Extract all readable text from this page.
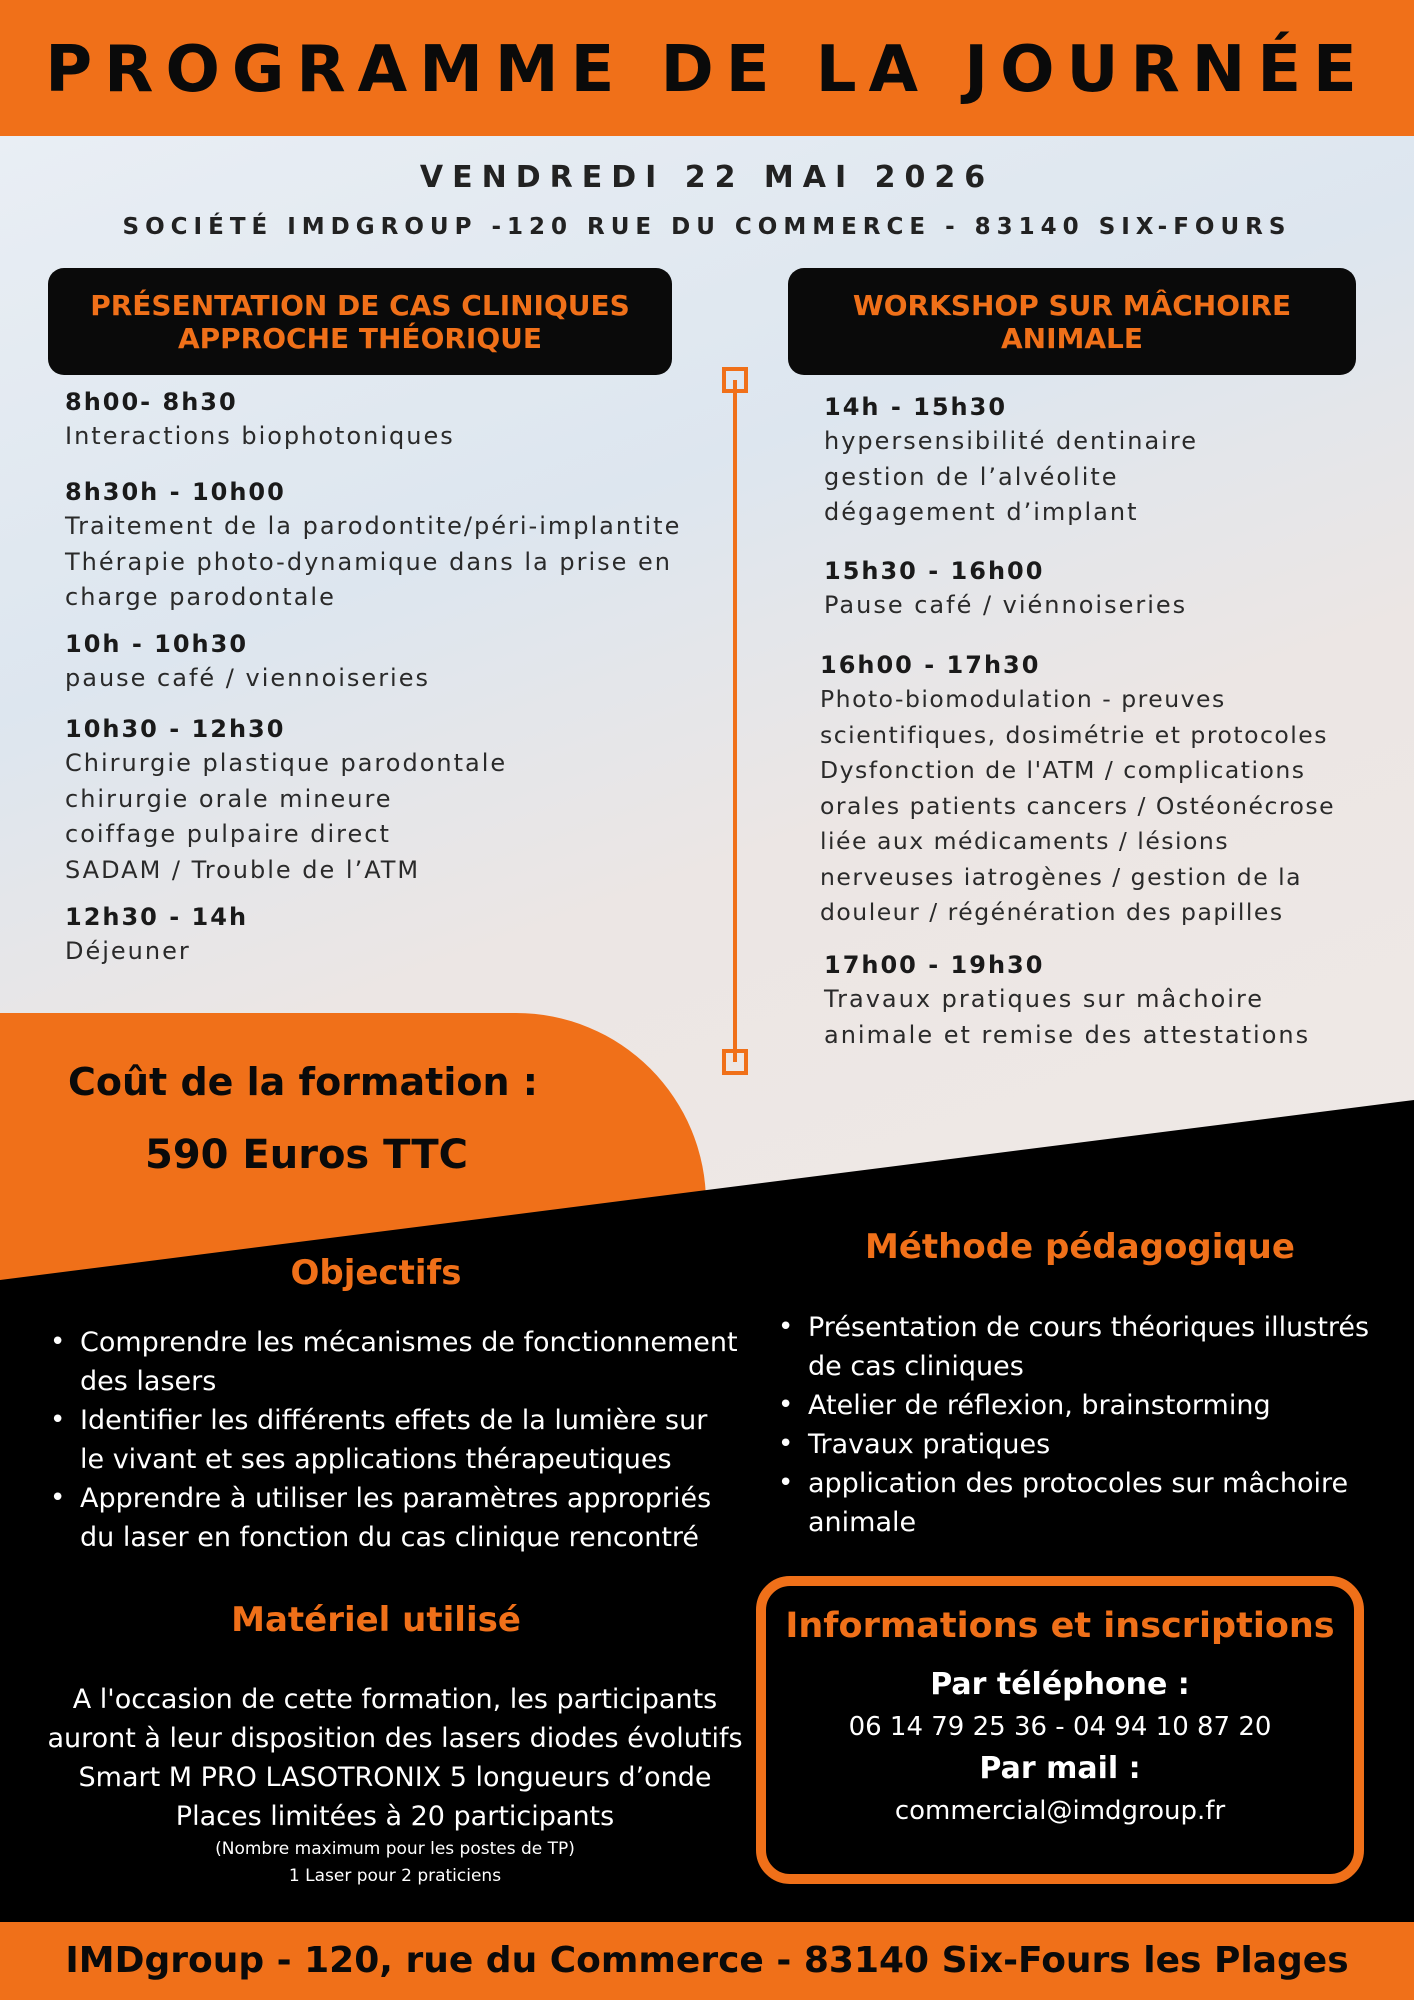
PROGRAMME DE LA JOURNÉE
VENDREDI 22 MAI 2026
SOCIÉTÉ IMDGROUP -120 RUE DU COMMERCE - 83140 SIX-FOURS
PRÉSENTATION DE CAS CLINIQUES
APPROCHE THÉORIQUE
WORKSHOP SUR MÂCHOIRE
ANIMALE
8h00- 8h30
Interactions biophotoniques
8h30h - 10h00
Traitement de la parodontite/péri-implantite
Thérapie photo-dynamique dans la prise en
charge parodontale
10h - 10h30
pause café / viennoiseries
10h30 - 12h30
Chirurgie plastique parodontale
chirurgie orale mineure
coiffage pulpaire direct
SADAM / Trouble de l’ATM
12h30 - 14h
Déjeuner
14h - 15h30
hypersensibilité dentinaire
gestion de l’alvéolite
dégagement d’implant
15h30 - 16h00
Pause café / viénnoiseries
16h00 - 17h30
Photo-biomodulation - preuves
scientifiques, dosimétrie et protocoles
Dysfonction de l'ATM / complications
orales patients cancers / Ostéonécrose
liée aux médicaments / lésions
nerveuses iatrogènes / gestion de la
douleur / régénération des papilles
17h00 - 19h30
Travaux pratiques sur mâchoire
animale et remise des attestations
Coût de la formation :
590 Euros TTC
Objectifs
• Comprendre les mécanismes de fonctionnement des lasers
• Identifier les différents effets de la lumière sur le vivant et ses applications thérapeutiques
• Apprendre à utiliser les paramètres appropriés du laser en fonction du cas clinique rencontré
Méthode pédagogique
• Présentation de cours théoriques illustrés de cas cliniques
• Atelier de réflexion, brainstorming
• Travaux pratiques
• application des protocoles sur mâchoire animale
Matériel utilisé
A l'occasion de cette formation, les participants
auront à leur disposition des lasers diodes évolutifs
Smart M PRO LASOTRONIX 5 longueurs d’onde
Places limitées à 20 participants
(Nombre maximum pour les postes de TP)
1 Laser pour 2 praticiens
Informations et inscriptions
Par téléphone :
06 14 79 25 36 - 04 94 10 87 20
Par mail :
commercial@imdgroup.fr
IMDgroup - 120, rue du Commerce - 83140 Six-Fours les Plages
